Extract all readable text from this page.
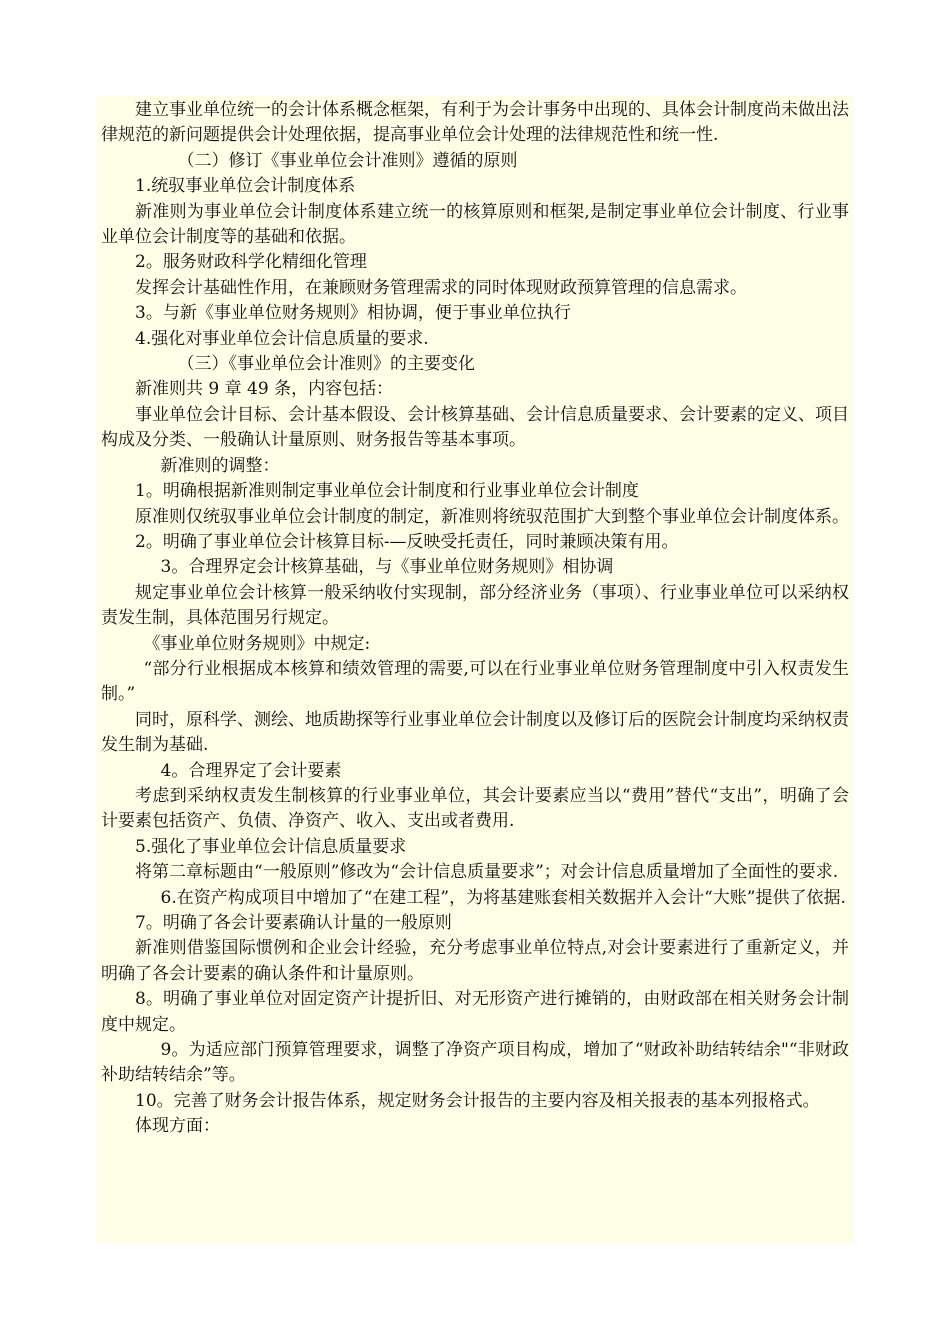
建立事业单位统一的会计体系概念框架，有利于为会计事务中出现的、具体会计制度尚未做出法律规范的新问题提供会计处理依据，提高事业单位会计处理的法律规范性和统一性.

（二）修订《事业单位会计准则》遵循的原则

1.统驭事业单位会计制度体系

新准则为事业单位会计制度体系建立统一的核算原则和框架,是制定事业单位会计制度、行业事业单位会计制度等的基础和依据。

2。服务财政科学化精细化管理

发挥会计基础性作用，在兼顾财务管理需求的同时体现财政预算管理的信息需求。

3。与新《事业单位财务规则》相协调，便于事业单位执行

4.强化对事业单位会计信息质量的要求.

（三）《事业单位会计准则》的主要变化

新准则共 9 章 49 条，内容包括：

事业单位会计目标、会计基本假设、会计核算基础、会计信息质量要求、会计要素的定义、项目构成及分类、一般确认计量原则、财务报告等基本事项。

新准则的调整：

1。明确根据新准则制定事业单位会计制度和行业事业单位会计制度

原准则仅统驭事业单位会计制度的制定，新准则将统驭范围扩大到整个事业单位会计制度体系。

2。明确了事业单位会计核算目标-—反映受托责任，同时兼顾决策有用。

3。合理界定会计核算基础，与《事业单位财务规则》相协调

规定事业单位会计核算一般采纳收付实现制，部分经济业务（事项）、行业事业单位可以采纳权责发生制，具体范围另行规定。

《事业单位财务规则》中规定:

“部分行业根据成本核算和绩效管理的需要,可以在行业事业单位财务管理制度中引入权责发生制。”

同时，原科学、测绘、地质勘探等行业事业单位会计制度以及修订后的医院会计制度均采纳权责发生制为基础.

4。合理界定了会计要素

考虑到采纳权责发生制核算的行业事业单位，其会计要素应当以“费用”替代“支出”，明确了会计要素包括资产、负债、净资产、收入、支出或者费用.

5.强化了事业单位会计信息质量要求

将第二章标题由“一般原则”修改为“会计信息质量要求”；对会计信息质量增加了全面性的要求.

6.在资产构成项目中增加了“在建工程”，为将基建账套相关数据并入会计“大账”提供了依据.

7。明确了各会计要素确认计量的一般原则

新准则借鉴国际惯例和企业会计经验，充分考虑事业单位特点,对会计要素进行了重新定义，并明确了各会计要素的确认条件和计量原则。

8。明确了事业单位对固定资产计提折旧、对无形资产进行摊销的，由财政部在相关财务会计制度中规定。

9。为适应部门预算管理要求，调整了净资产项目构成，增加了“财政补助结转结余"“非财政补助结转结余”等。

10。完善了财务会计报告体系，规定财务会计报告的主要内容及相关报表的基本列报格式。

体现方面：
